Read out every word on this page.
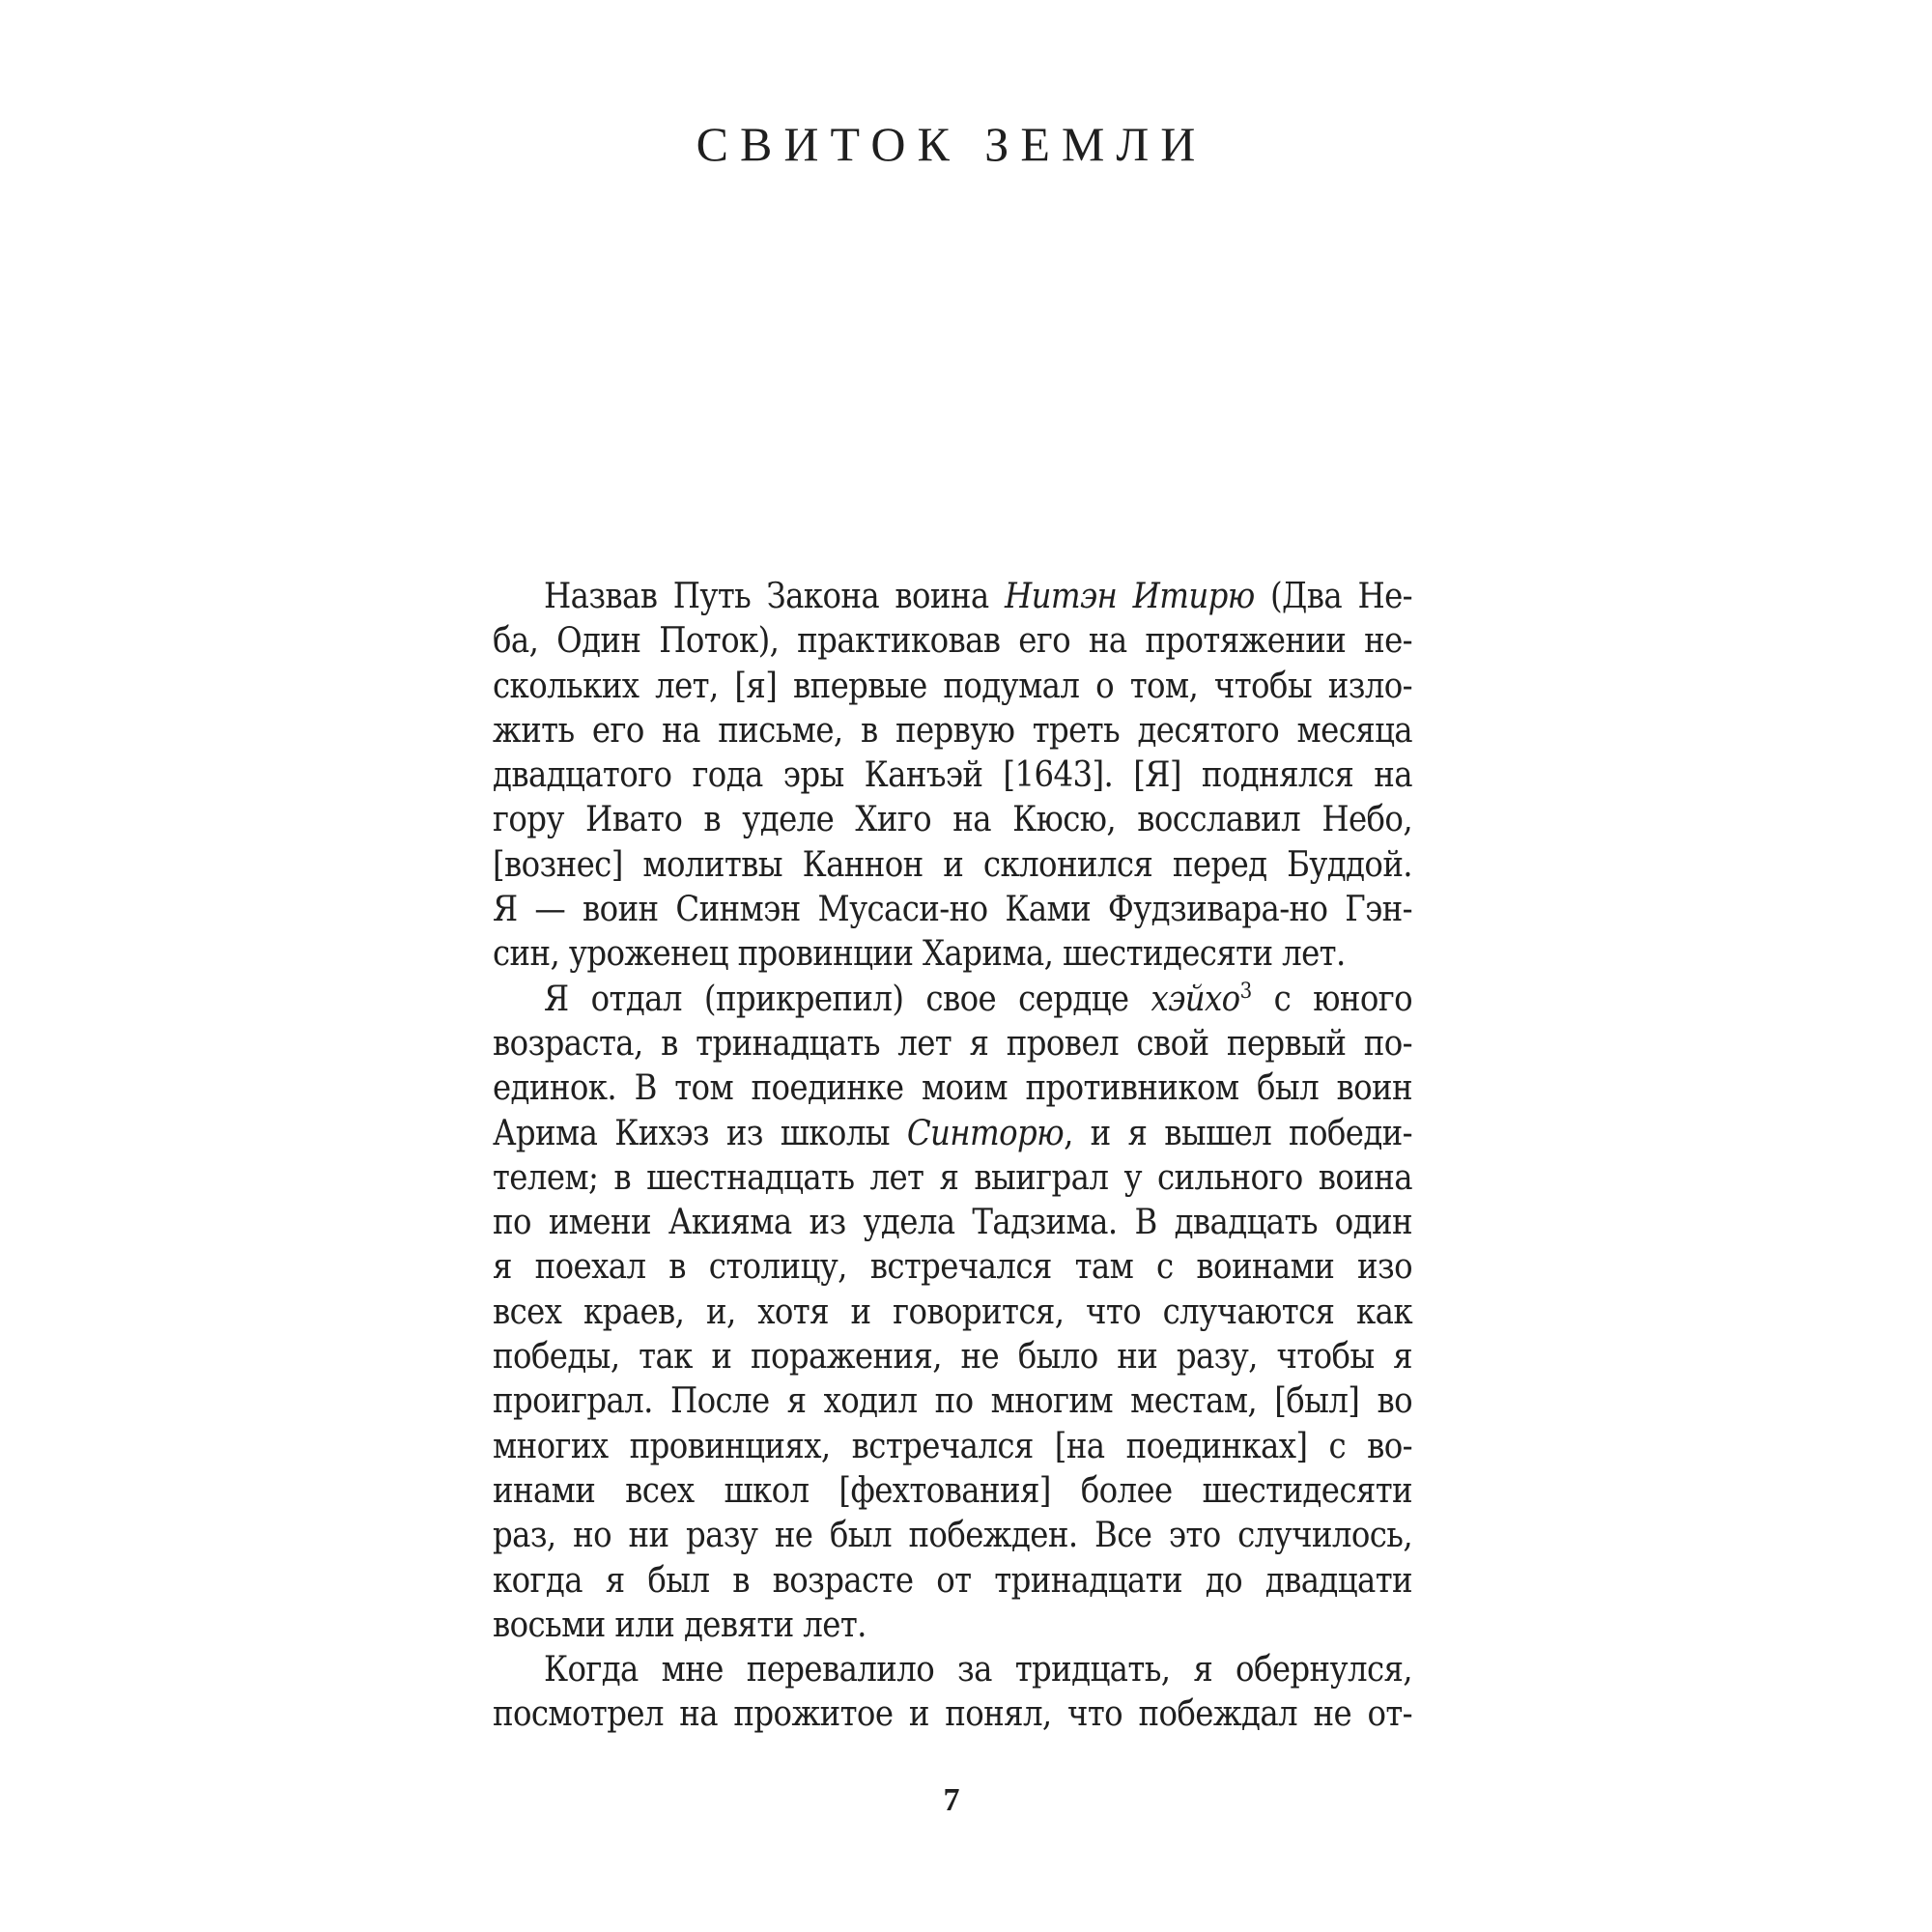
СВИТОК ЗЕМЛИ
Назвав Путь Закона воина Нитэн Итирю (Два Не-
ба, Один Поток), практиковав его на протяжении не-
скольких лет, [я] впервые подумал о том, чтобы изло-
жить его на письме, в первую треть десятого месяца
двадцатого года эры Канъэй [1643]. [Я] поднялся на
гору Ивато в уделе Хиго на Кюсю, восславил Небо,
[вознес] молитвы Каннон и склонился перед Буддой.
Я — воин Синмэн Мусаси-но Ками Фудзивара-но Гэн-
син, уроженец провинции Харима, шестидесяти лет.
Я отдал (прикрепил) свое сердце хэйхо$^3$ с юного
возраста, в тринадцать лет я провел свой первый по-
единок. В том поединке моим противником был воин
Арима Кихэз из школы Синторю, и я вышел победи-
телем; в шестнадцать лет я выиграл у сильного воина
по имени Акияма из удела Тадзима. В двадцать один
я поехал в столицу, встречался там с воинами изо
всех краев, и, хотя и говорится, что случаются как
победы, так и поражения, не было ни разу, чтобы я
проиграл. После я ходил по многим местам, [был] во
многих провинциях, встречался [на поединках] с во-
инами всех школ [фехтования] более шестидесяти
раз, но ни разу не был побежден. Все это случилось,
когда я был в возрасте от тринадцати до двадцати
восьми или девяти лет.
Когда мне перевалило за тридцать, я обернулся,
посмотрел на прожитое и понял, что побеждал не от-
7
